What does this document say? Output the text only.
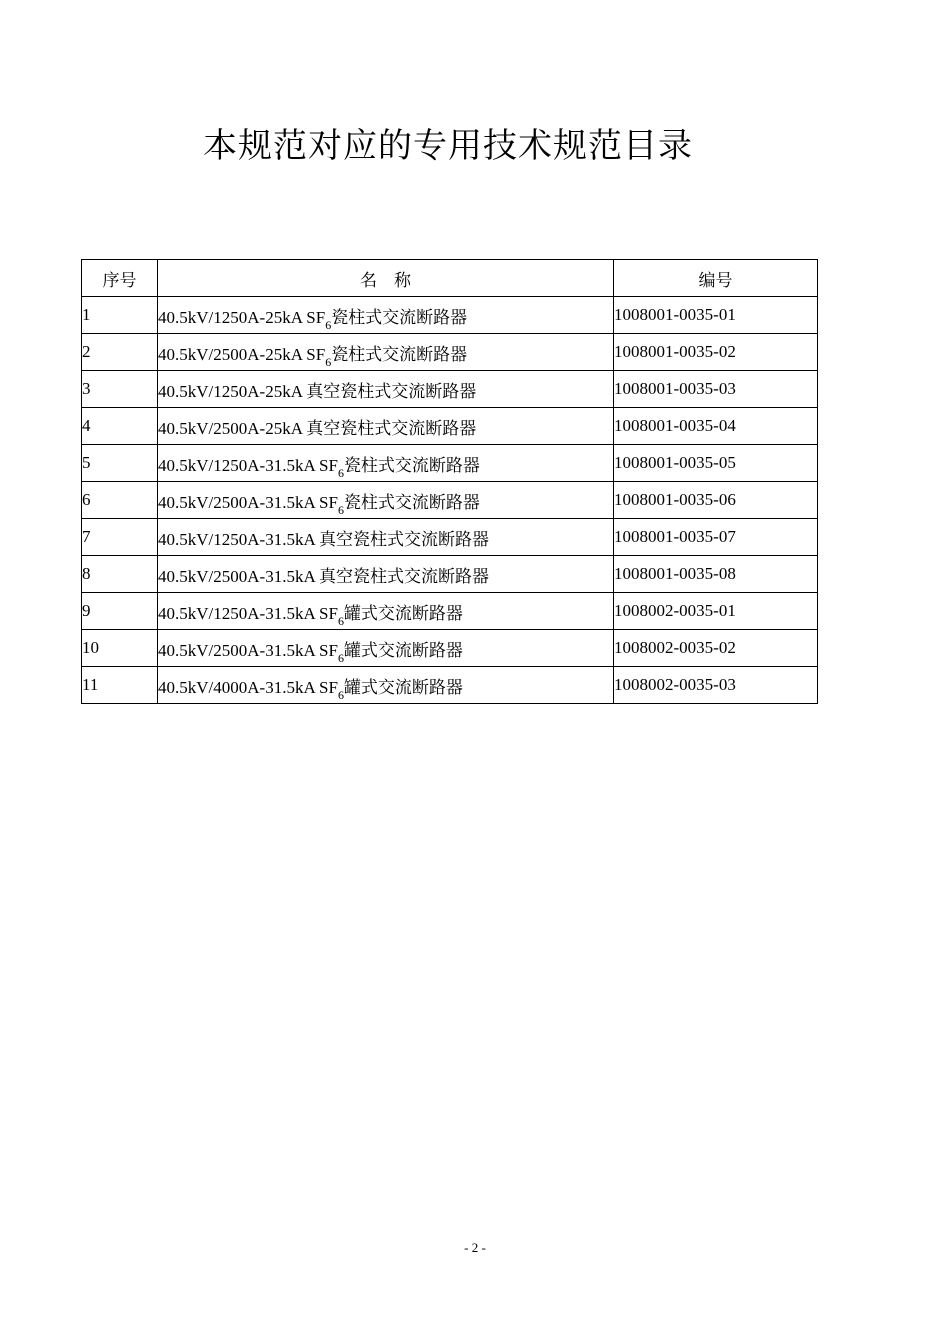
本规范对应的专用技术规范目录
序号	名　称	编号
1	40.5kV/1250A-25kA $SF_6$瓷柱式交流断路器	1008001-0035-01
2	40.5kV/2500A-25kA $SF_6$瓷柱式交流断路器	1008001-0035-02
3	40.5kV/1250A-25kA 真空瓷柱式交流断路器	1008001-0035-03
4	40.5kV/2500A-25kA 真空瓷柱式交流断路器	1008001-0035-04
5	40.5kV/1250A-31.5kA $SF_6$瓷柱式交流断路器	1008001-0035-05
6	40.5kV/2500A-31.5kA $SF_6$瓷柱式交流断路器	1008001-0035-06
7	40.5kV/1250A-31.5kA 真空瓷柱式交流断路器	1008001-0035-07
8	40.5kV/2500A-31.5kA 真空瓷柱式交流断路器	1008001-0035-08
9	40.5kV/1250A-31.5kA $SF_6$罐式交流断路器	1008002-0035-01
10	40.5kV/2500A-31.5kA $SF_6$罐式交流断路器	1008002-0035-02
11	40.5kV/4000A-31.5kA $SF_6$罐式交流断路器	1008002-0035-03
- 2 -
